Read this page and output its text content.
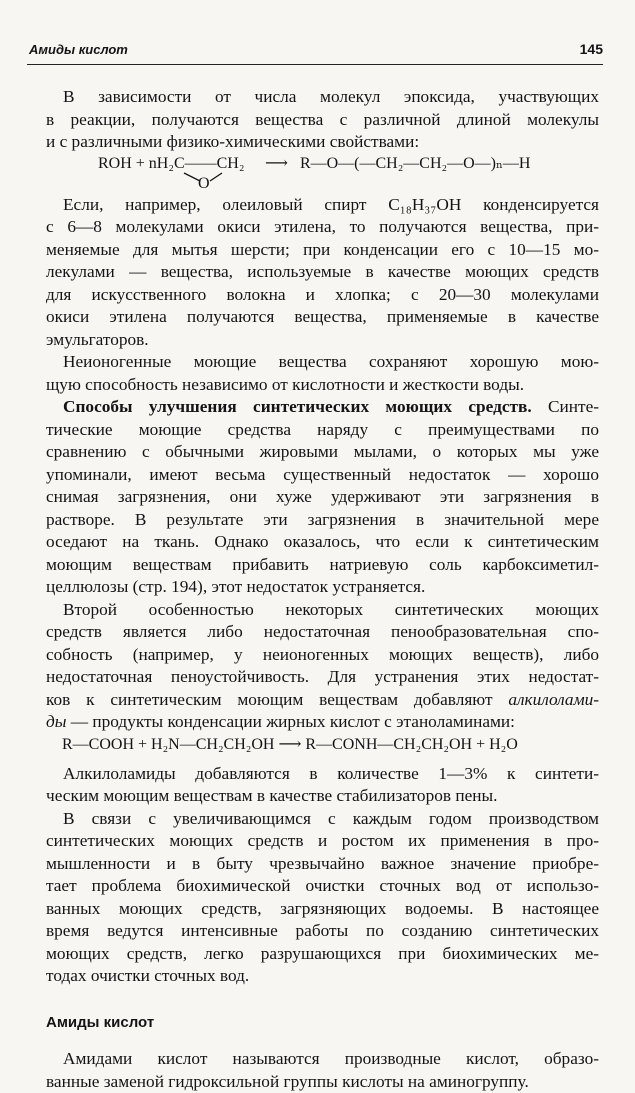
Амиды кислот	145
В зависимости от числа молекул эпоксида, участвующих
в реакции, получаются вещества с различной длиной молекулы
и с различными физико-химическими свойствами:
ROH + nH₂C——CH₂
O
⟶ R—O—(—CH₂—CH₂—O—)ₙ—H
Если, например, олеиловый спирт C₁₈H₃₇OH конденсируется
с 6—8 молекулами окиси этилена, то получаются вещества, при-
меняемые для мытья шерсти; при конденсации его с 10—15 мо-
лекулами — вещества, используемые в качестве моющих средств
для искусственного волокна и хлопка; с 20—30 молекулами
окиси этилена получаются вещества, применяемые в качестве
эмульгаторов.
Неионогенные моющие вещества сохраняют хорошую мою-
щую способность независимо от кислотности и жесткости воды.
Способы улучшения синтетических моющих средств. Синте-
тические моющие средства наряду с преимуществами по
сравнению с обычными жировыми мылами, о которых мы уже
упоминали, имеют весьма существенный недостаток — хорошо
снимая загрязнения, они хуже удерживают эти загрязнения в
растворе. В результате эти загрязнения в значительной мере
оседают на ткань. Однако оказалось, что если к синтетическим
моющим веществам прибавить натриевую соль карбоксиметил-
целлюлозы (стр. 194), этот недостаток устраняется.
Второй особенностью некоторых синтетических моющих
средств является либо недостаточная пенообразовательная спо-
собность (например, у неионогенных моющих веществ), либо
недостаточная пеноустойчивость. Для устранения этих недостат-
ков к синтетическим моющим веществам добавляют алкилолами-
ды — продукты конденсации жирных кислот с этаноламинами:
R—COOH + H₂N—CH₂CH₂OH ⟶ R—CONH—CH₂CH₂OH + H₂O
Алкилоламиды добавляются в количестве 1—3% к синтети-
ческим моющим веществам в качестве стабилизаторов пены.
В связи с увеличивающимся с каждым годом производством
синтетических моющих средств и ростом их применения в про-
мышленности и в быту чрезвычайно важное значение приобре-
тает проблема биохимической очистки сточных вод от использо-
ванных моющих средств, загрязняющих водоемы. В настоящее
время ведутся интенсивные работы по созданию синтетических
моющих средств, легко разрушающихся при биохимических ме-
тодах очистки сточных вод.
Амиды кислот
Амидами кислот называются производные кислот, образо-
ванные заменой гидроксильной группы кислоты на аминогруппу.
